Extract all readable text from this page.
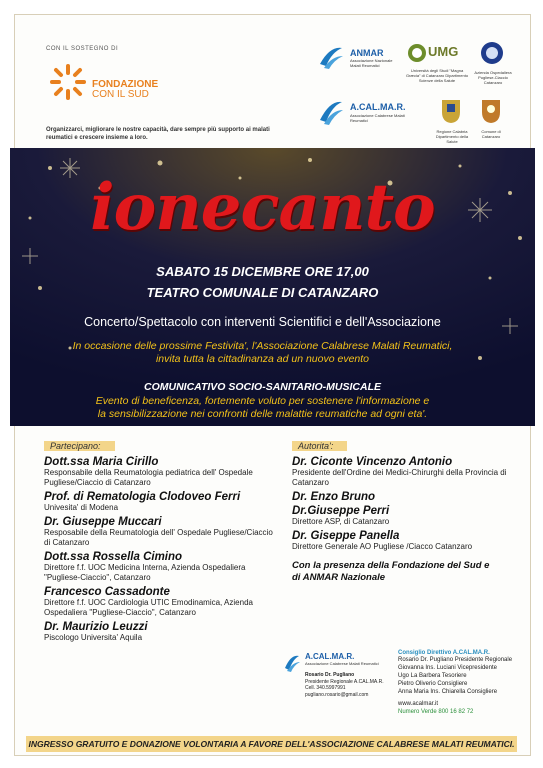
CON IL SOSTEGNO DI
FONDAZIONE
CON IL SUD
Organizzarci, migliorare le nostre capacità, dare sempre più supporto ai malati reumatici e crescere insieme a loro.
ANMAR
Associazione Nazionale Malati Reumatici
UMG
Università degli Studi "Magna Græcia" di Catanzaro Dipartimento Scienze della Salute
Azienda Ospedaliera Pugliese-Ciaccio Catanzaro
A.CAL.MA.R.
Associazione Calabrese Malati Reumatici
Regione Calabria Dipartimento della Salute
Comune di Catanzaro
ionecanto
SABATO 15 DICEMBRE ORE 17,00
TEATRO COMUNALE DI CATANZARO
Concerto/Spettacolo con interventi Scientifici e dell'Associazione
In occasione delle prossime Festivita', l'Associazione Calabrese Malati Reumatici,
invita tutta la cittadinanza ad un nuovo evento
COMUNICATIVO SOCIO-SANITARIO-MUSICALE
Evento di beneficenza, fortemente voluto per sostenere l'informazione e
la sensibilizzazione nei confronti delle malattie reumatiche ad ogni eta'.
Partecipano:
Dott.ssa Maria Cirillo
Responsabile della Reumatologia pediatrica dell' Ospedale Pugliese/Ciaccio di Catanzaro
Prof. di Rematologia Clodoveo Ferri
Univesita' di Modena
Dr. Giuseppe Muccari
Resposabile della Reumatologia dell' Ospedale Pugliese/Ciaccio di Catanzaro
Dott.ssa Rossella Cimino
Direttore f.f. UOC Medicina Interna, Azienda Ospedaliera "Pugliese-Ciaccio", Catanzaro
Francesco Cassadonte
Direttore f.f. UOC Cardiologia UTIC Emodinamica, Azienda Ospedaliera "Pugliese-Ciaccio", Catanzaro
Dr. Maurizio Leuzzi
Piscologo Universita' Aquila
Autorita':
Dr. Ciconte Vincenzo Antonio
Presidente dell'Ordine dei Medici-Chirurghi della Provincia di Catanzaro
Dr. Enzo Bruno
Dr.Giuseppe Perri
Direttore ASP, di Catanzaro
Dr. Giseppe Panella
Direttore Generale AO Pugliese /Ciacco Catanzaro
Con la presenza della Fondazione del Sud e
di ANMAR Nazionale
A.CAL.MA.R.
Associazione Calabrese Malati Reumatici
Rosario Dr. Pugliano
Presidente Regionale A.CAL.MA.R.
Cell. 340.5997991
pugliano.rosario@gmail.com
Consiglio Direttivo A.CAL.MA.R.
Rosario Dr. Pugliano Presidente Regionale
Giovanna Ins. Luciani Vicepresidente
Ugo La Barbera Tesoriere
Pietro Oliverio Consigliere
Anna Maria Ins. Chiarella Consigliere
www.acalmar.it
Numero Verde 800 16 82 72
INGRESSO GRATUITO E DONAZIONE VOLONTARIA A FAVORE DELL'ASSOCIAZIONE CALABRESE MALATI REUMATICI.
